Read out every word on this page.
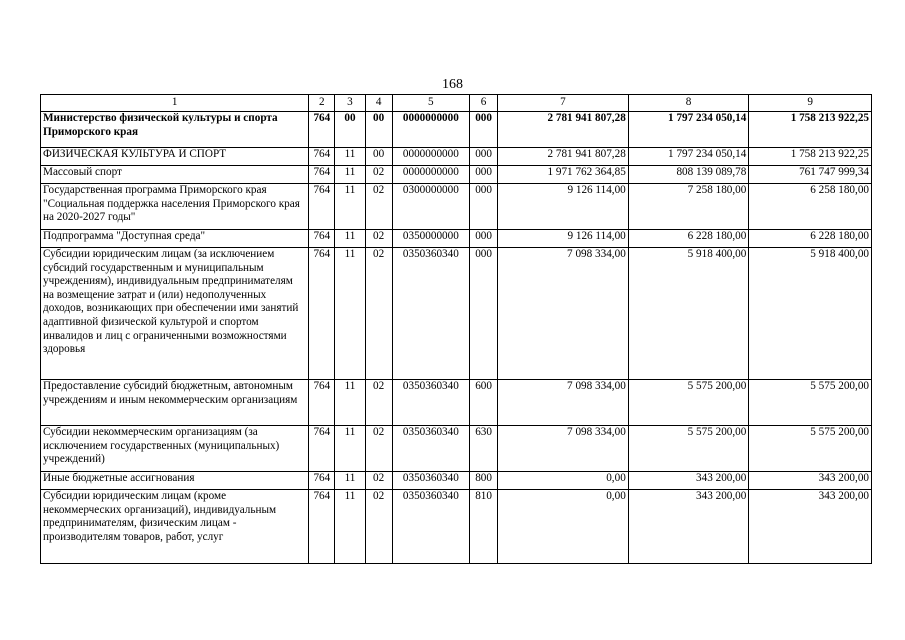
168
1	2	3	4	5	6	7	8	9
Министерство физической культуры и спорта Приморского края	764	00	00	0000000000	000	2 781 941 807,28	1 797 234 050,14	1 758 213 922,25
ФИЗИЧЕСКАЯ КУЛЬТУРА И СПОРТ	764	11	00	0000000000	000	2 781 941 807,28	1 797 234 050,14	1 758 213 922,25
Массовый спорт	764	11	02	0000000000	000	1 971 762 364,85	808 139 089,78	761 747 999,34
Государственная программа Приморского края "Социальная поддержка населения Приморского края на 2020-2027 годы"	764	11	02	0300000000	000	9 126 114,00	7 258 180,00	6 258 180,00
Подпрограмма "Доступная среда"	764	11	02	0350000000	000	9 126 114,00	6 228 180,00	6 228 180,00
Субсидии юридическим лицам (за исключением субсидий государственным и муниципальным учреждениям), индивидуальным предпринимателям на возмещение затрат и (или) недополученных доходов, возникающих при обеспечении ими занятий адаптивной физической культурой и спортом инвалидов и лиц с ограниченными возможностями здоровья	764	11	02	0350360340	000	7 098 334,00	5 918 400,00	5 918 400,00
Предоставление субсидий бюджетным, автономным учреждениям и иным некоммерческим организациям	764	11	02	0350360340	600	7 098 334,00	5 575 200,00	5 575 200,00
Субсидии некоммерческим организациям (за исключением государственных (муниципальных) учреждений)	764	11	02	0350360340	630	7 098 334,00	5 575 200,00	5 575 200,00
Иные бюджетные ассигнования	764	11	02	0350360340	800	0,00	343 200,00	343 200,00
Субсидии юридическим лицам (кроме некоммерческих организаций), индивидуальным предпринимателям, физическим лицам - производителям товаров, работ, услуг	764	11	02	0350360340	810	0,00	343 200,00	343 200,00
